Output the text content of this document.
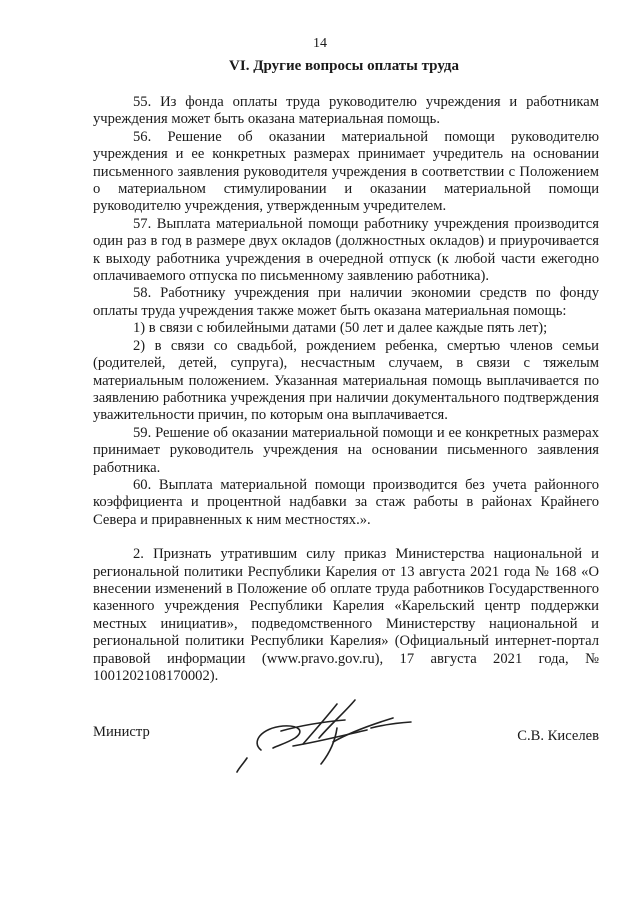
14
VI. Другие вопросы оплаты труда

55. Из фонда оплаты труда руководителю учреждения и работникам учреждения может быть оказана материальная помощь.

56. Решение об оказании материальной помощи руководителю учреждения и ее конкретных размерах принимает учредитель на основании письменного заявления руководителя учреждения в соответствии с Положением о материальном стимулировании и оказании материальной помощи руководителю учреждения, утвержденным учредителем.

57. Выплата материальной помощи работнику учреждения производится один раз в год в размере двух окладов (должностных окладов) и приурочивается к выходу работника учреждения в очередной отпуск (к любой части ежегодно оплачиваемого отпуска по письменному заявлению работника).

58. Работнику учреждения при наличии экономии средств по фонду оплаты труда учреждения также может быть оказана материальная помощь:

1) в связи с юбилейными датами (50 лет и далее каждые пять лет);

2) в связи со свадьбой, рождением ребенка, смертью членов семьи (родителей, детей, супруга), несчастным случаем, в связи с тяжелым материальным положением. Указанная материальная помощь выплачивается по заявлению работника учреждения при наличии документального подтверждения уважительности причин, по которым она выплачивается.

59. Решение об оказании материальной помощи и ее конкретных размерах принимает руководитель учреждения на основании письменного заявления работника.

60. Выплата материальной помощи производится без учета районного коэффициента и процентной надбавки за стаж работы в районах Крайнего Севера и приравненных к ним местностях.».

2. Признать утратившим силу приказ Министерства национальной и региональной политики Республики Карелия от 13 августа 2021 года № 168 «О внесении изменений в Положение об оплате труда работников Государственного казенного учреждения Республики Карелия «Карельский центр поддержки местных инициатив», подведомственного Министерству национальной и региональной политики Республики Карелия» (Официальный интернет-портал правовой информации (www.pravo.gov.ru), 17 августа 2021 года, № 1001202108170002).

Министр	С.В. Киселев
